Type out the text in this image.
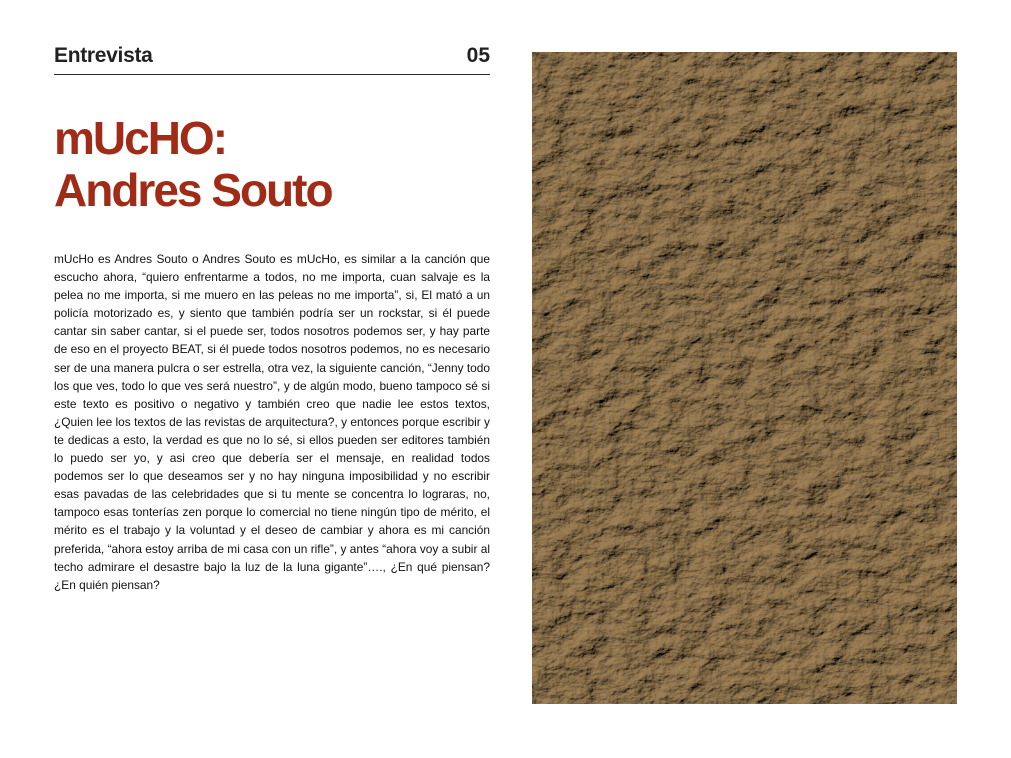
Entrevista	05
mUcHO:
Andres Souto

mUcHo es Andres Souto o Andres Souto es mUcHo, es similar a la canción que escucho ahora, “quiero enfrentarme a todos, no me importa, cuan salvaje es la pelea no me importa, si me muero en las peleas no me importa”, si, El mató a un policía motorizado es, y siento que también podría ser un rockstar, si él puede cantar sin saber cantar, si el puede ser, todos nosotros podemos ser, y hay parte de eso en el proyecto BEAT, si él puede todos nosotros podemos, no es necesario ser de una manera pulcra o ser estrella, otra vez, la siguiente canción, “Jenny todo los que ves, todo lo que ves será nuestro”, y de algún modo, bueno tampoco sé si este texto es positivo o negativo y también creo que nadie lee estos textos, ¿Quien lee los textos de las revistas de arquitectura?, y entonces porque escribir y te dedicas a esto, la verdad es que no lo sé, si ellos pueden ser editores también lo puedo ser yo, y asi creo que debería ser el mensaje, en realidad todos podemos ser lo que deseamos ser y no hay ninguna imposibilidad y no escribir esas pavadas de las celebridades que si tu mente se concentra lo lograras, no, tampoco esas tonterías zen porque lo comercial no tiene ningún tipo de mérito, el mérito es el trabajo y la voluntad y el deseo de cambiar y ahora es mi canción preferida, “ahora estoy arriba de mi casa con un rifle”, y antes “ahora voy a subir al techo admirare el desastre bajo la luz de la luna gigante”…., ¿En qué piensan? ¿En quién piensan?
